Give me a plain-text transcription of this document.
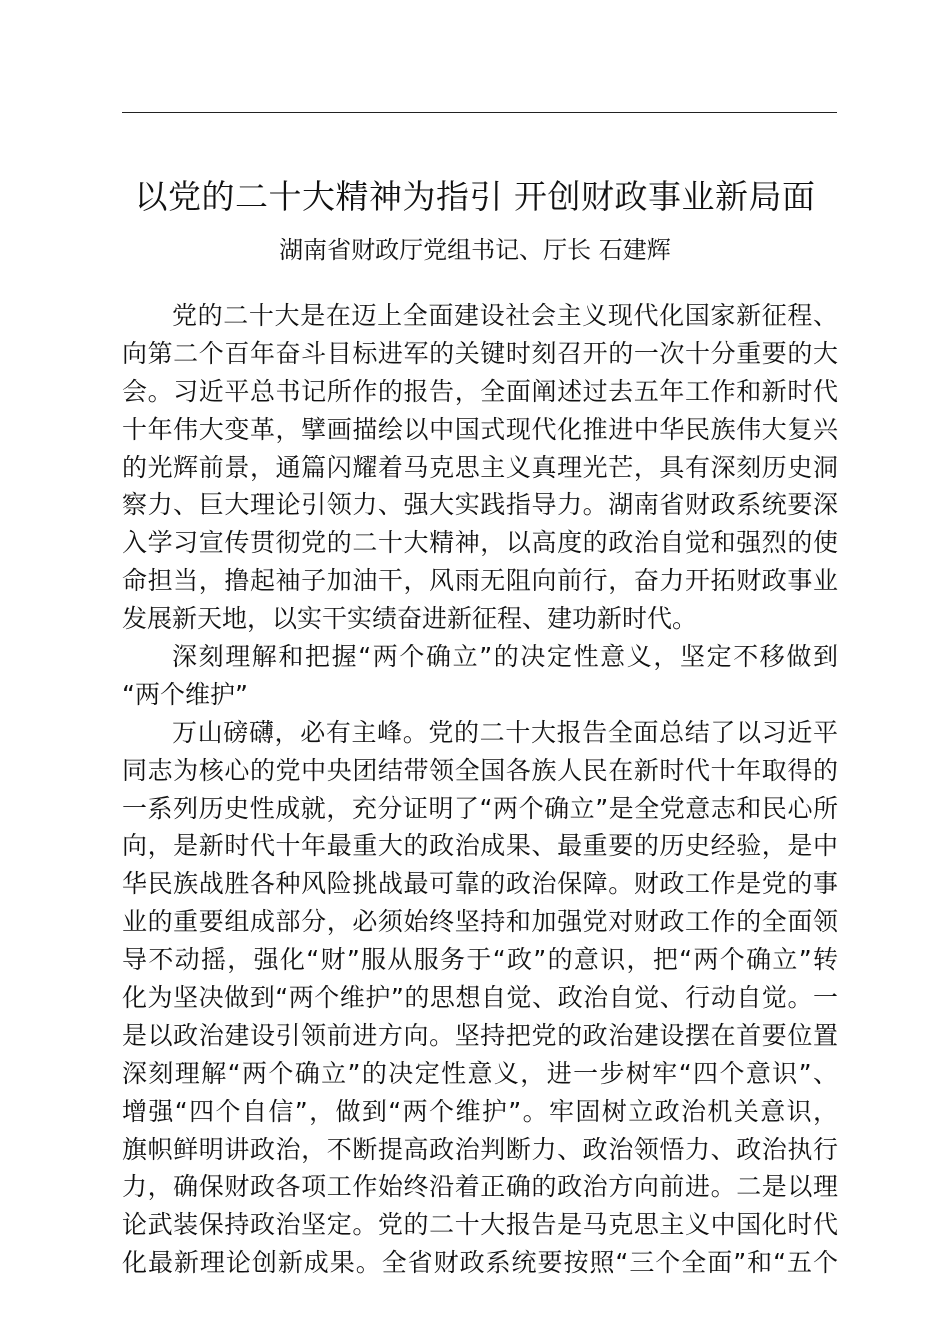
以党的二十大精神为指引 开创财政事业新局面
湖南省财政厅党组书记、厅长 石建辉
党的二十大是在迈上全面建设社会主义现代化国家新征程、
向第二个百年奋斗目标进军的关键时刻召开的一次十分重要的大
会。习近平总书记所作的报告，全面阐述过去五年工作和新时代
十年伟大变革，擘画描绘以中国式现代化推进中华民族伟大复兴
的光辉前景，通篇闪耀着马克思主义真理光芒，具有深刻历史洞
察力、巨大理论引领力、强大实践指导力。湖南省财政系统要深
入学习宣传贯彻党的二十大精神，以高度的政治自觉和强烈的使
命担当，撸起袖子加油干，风雨无阻向前行，奋力开拓财政事业
发展新天地，以实干实绩奋进新征程、建功新时代。
深刻理解和把握“两个确立”的决定性意义，坚定不移做到
“两个维护”
万山磅礴，必有主峰。党的二十大报告全面总结了以习近平
同志为核心的党中央团结带领全国各族人民在新时代十年取得的
一系列历史性成就，充分证明了“两个确立”是全党意志和民心所
向，是新时代十年最重大的政治成果、最重要的历史经验，是中
华民族战胜各种风险挑战最可靠的政治保障。财政工作是党的事
业的重要组成部分，必须始终坚持和加强党对财政工作的全面领
导不动摇，强化“财”服从服务于“政”的意识，把“两个确立”转
化为坚决做到“两个维护”的思想自觉、政治自觉、行动自觉。一
是以政治建设引领前进方向。坚持把党的政治建设摆在首要位置
深刻理解“两个确立”的决定性意义，进一步树牢“四个意识”、
增强“四个自信”，做到“两个维护”。牢固树立政治机关意识，
旗帜鲜明讲政治，不断提高政治判断力、政治领悟力、政治执行
力，确保财政各项工作始终沿着正确的政治方向前进。二是以理
论武装保持政治坚定。党的二十大报告是马克思主义中国化时代
化最新理论创新成果。全省财政系统要按照“三个全面”和“五个
